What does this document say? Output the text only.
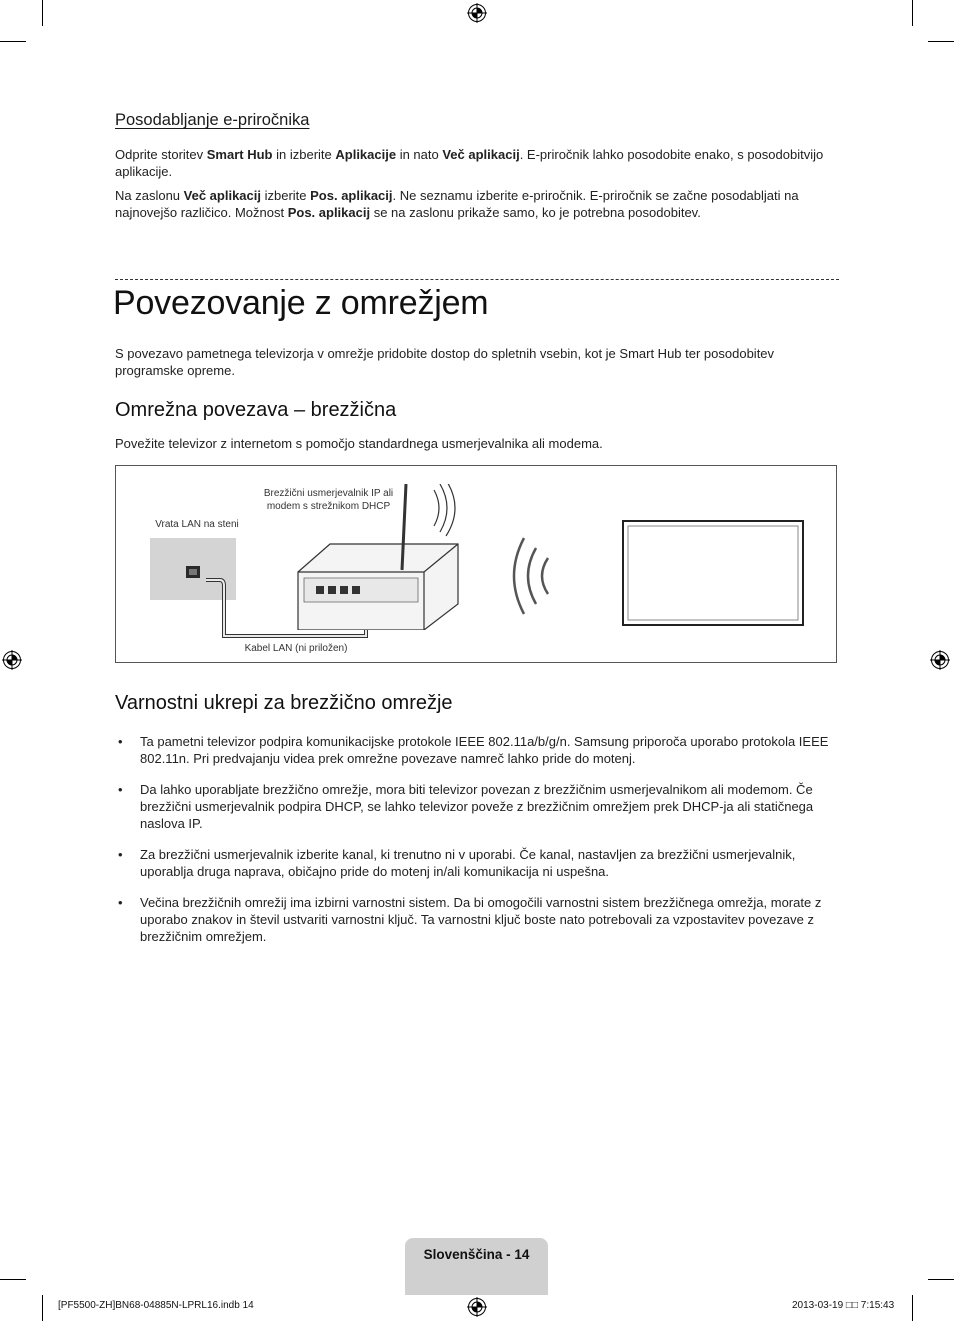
Posodabljanje e-priročnika
Odprite storitev Smart Hub in izberite Aplikacije in nato Več aplikacij. E-priročnik lahko posodobite enako, s posodobitvijo aplikacije.
Na zaslonu Več aplikacij izberite Pos. aplikacij. Ne seznamu izberite e-priročnik. E-priročnik se začne posodabljati na najnovejšo različico. Možnost Pos. aplikacij se na zaslonu prikaže samo, ko je potrebna posodobitev.
Povezovanje z omrežjem
S povezavo pametnega televizorja v omrežje pridobite dostop do spletnih vsebin, kot je Smart Hub ter posodobitev programske opreme.
Omrežna povezava – brezžična
Povežite televizor z internetom s pomočjo standardnega usmerjevalnika ali modema.
Vrata LAN na steni
Brezžični usmerjevalnik IP ali
modem s strežnikom DHCP
Kabel LAN (ni priložen)
Varnostni ukrepi za brezžično omrežje
• Ta pametni televizor podpira komunikacijske protokole IEEE 802.11a/b/g/n. Samsung priporoča uporabo protokola IEEE 802.11n. Pri predvajanju videa prek omrežne povezave namreč lahko pride do motenj.
• Da lahko uporabljate brezžično omrežje, mora biti televizor povezan z brezžičnim usmerjevalnikom ali modemom. Če brezžični usmerjevalnik podpira DHCP, se lahko televizor poveže z brezžičnim omrežjem prek DHCP-ja ali statičnega naslova IP.
• Za brezžični usmerjevalnik izberite kanal, ki trenutno ni v uporabi. Če kanal, nastavljen za brezžični usmerjevalnik, uporablja druga naprava, običajno pride do motenj in/ali komunikacija ni uspešna.
• Večina brezžičnih omrežij ima izbirni varnostni sistem. Da bi omogočili varnostni sistem brezžičnega omrežja, morate z uporabo znakov in števil ustvariti varnostni ključ. Ta varnostni ključ boste nato potrebovali za vzpostavitev povezave z brezžičnim omrežjem.
Slovenščina - 14
[PF5500-ZH]BN68-04885N-LPRL16.indb 14	2013-03-19 □□ 7:15:43
